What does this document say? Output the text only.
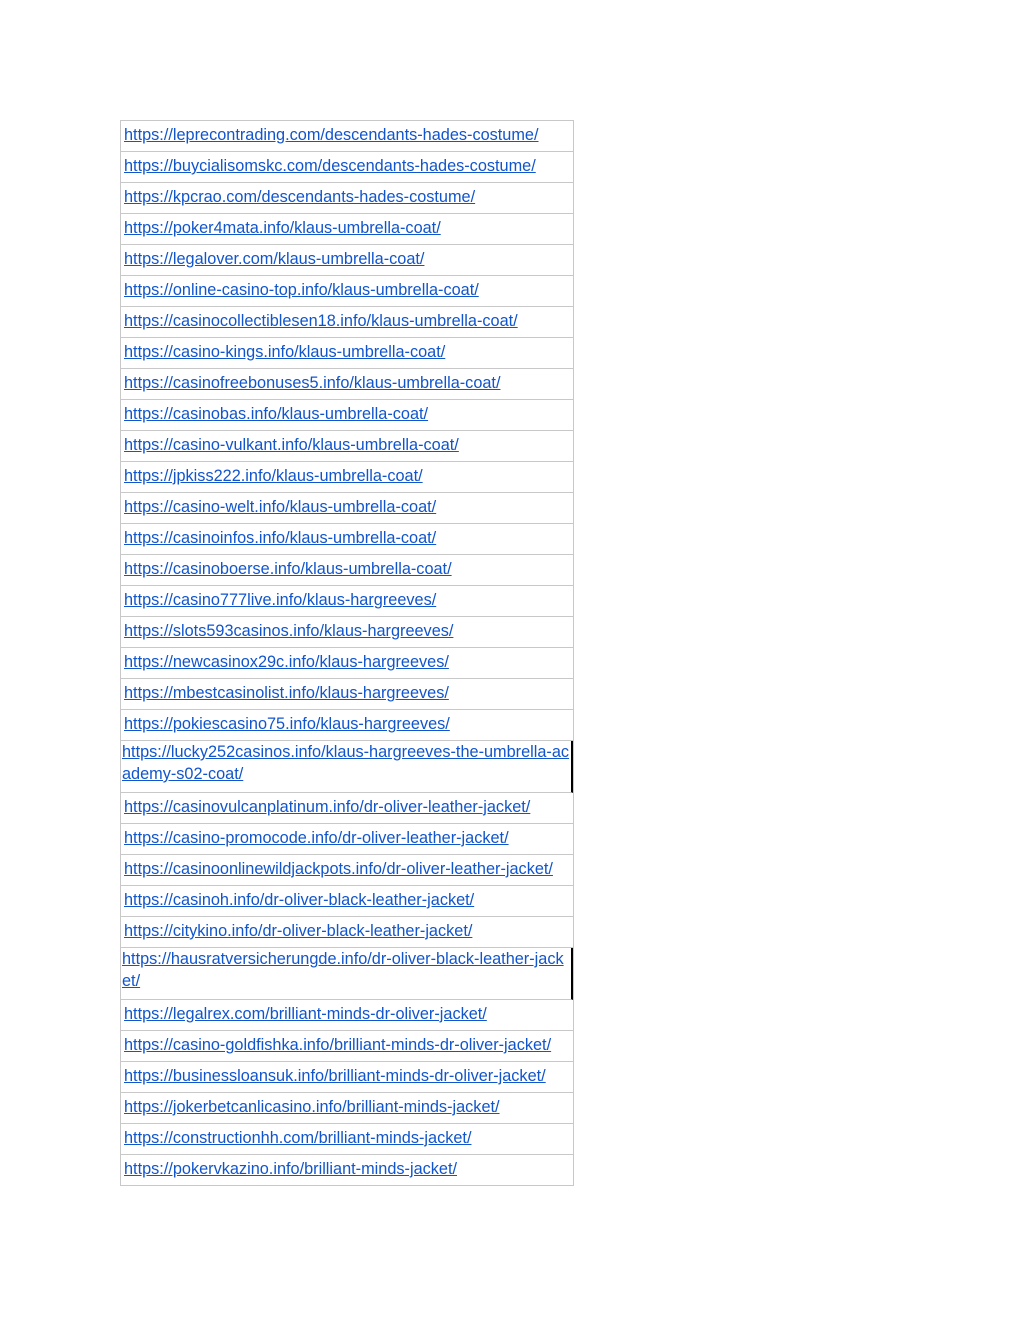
https://leprecontrading.com/descendants-hades-costume/
https://buycialisomskc.com/descendants-hades-costume/
https://kpcrao.com/descendants-hades-costume/
https://poker4mata.info/klaus-umbrella-coat/
https://legalover.com/klaus-umbrella-coat/
https://online-casino-top.info/klaus-umbrella-coat/
https://casinocollectiblesen18.info/klaus-umbrella-coat/
https://casino-kings.info/klaus-umbrella-coat/
https://casinofreebonuses5.info/klaus-umbrella-coat/
https://casinobas.info/klaus-umbrella-coat/
https://casino-vulkant.info/klaus-umbrella-coat/
https://jpkiss222.info/klaus-umbrella-coat/
https://casino-welt.info/klaus-umbrella-coat/
https://casinoinfos.info/klaus-umbrella-coat/
https://casinoboerse.info/klaus-umbrella-coat/
https://casino777live.info/klaus-hargreeves/
https://slots593casinos.info/klaus-hargreeves/
https://newcasinox29c.info/klaus-hargreeves/
https://mbestcasinolist.info/klaus-hargreeves/
https://pokiescasino75.info/klaus-hargreeves/
https://lucky252casinos.info/klaus-hargreeves-the-umbrella-academy-s02-coat/
https://casinovulcanplatinum.info/dr-oliver-leather-jacket/
https://casino-promocode.info/dr-oliver-leather-jacket/
https://casinoonlinewildjackpots.info/dr-oliver-leather-jacket/
https://casinoh.info/dr-oliver-black-leather-jacket/
https://citykino.info/dr-oliver-black-leather-jacket/
https://hausratversicherungde.info/dr-oliver-black-leather-jacket/
https://legalrex.com/brilliant-minds-dr-oliver-jacket/
https://casino-goldfishka.info/brilliant-minds-dr-oliver-jacket/
https://businessloansuk.info/brilliant-minds-dr-oliver-jacket/
https://jokerbetcanlicasino.info/brilliant-minds-jacket/
https://constructionhh.com/brilliant-minds-jacket/
https://pokervkazino.info/brilliant-minds-jacket/
